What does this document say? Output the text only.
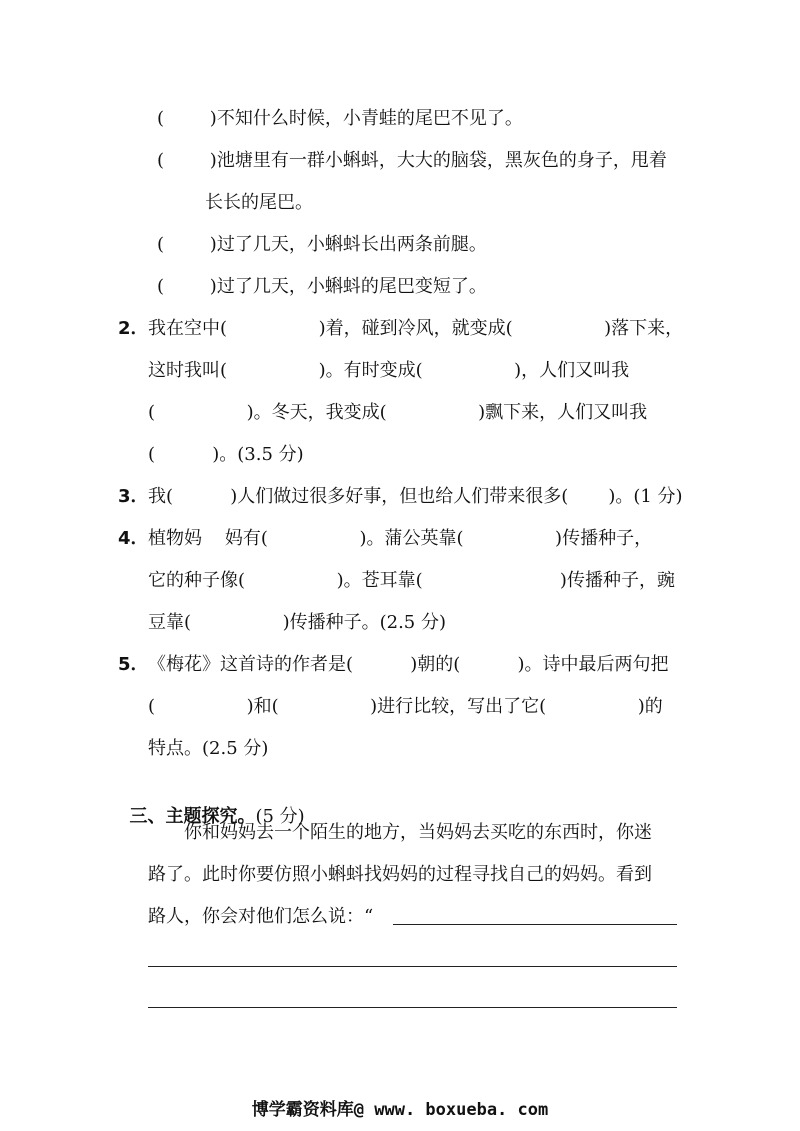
(        )不知什么时候，小青蛙的尾巴不见了。
(        )池塘里有一群小蝌蚪，大大的脑袋，黑灰色的身子，甩着
长长的尾巴。
(        )过了几天，小蝌蚪长出两条前腿。
(        )过了几天，小蝌蚪的尾巴变短了。
2． 我在空中(                )着，碰到冷风，就变成(                )落下来，
这时我叫(                )。有时变成(                )，人们又叫我
(                )。冬天，我变成(                )飘下来，人们又叫我
(          )。(3.5 分)
3． 我(          )人们做过很多好事，但也给人们带来很多(       )。(1 分)
4． 植物妈    妈有(                )。蒲公英靠(                )传播种子，
它的种子像(                )。苍耳靠(                        )传播种子，豌
豆靠(                )传播种子。(2.5 分)
5． 《梅花》这首诗的作者是(          )朝的(          )。诗中最后两句把
(                )和(                )进行比较，写出了它(                )的
特点。(2.5 分)

三、主题探究。(5 分)

你和妈妈去一个陌生的地方，当妈妈去买吃的东西时，你迷
路了。此时你要仿照小蝌蚪找妈妈的过程寻找自己的妈妈。看到
路人，你会对他们怎么说：“
博学霸资料库@ www. boxueba. com
